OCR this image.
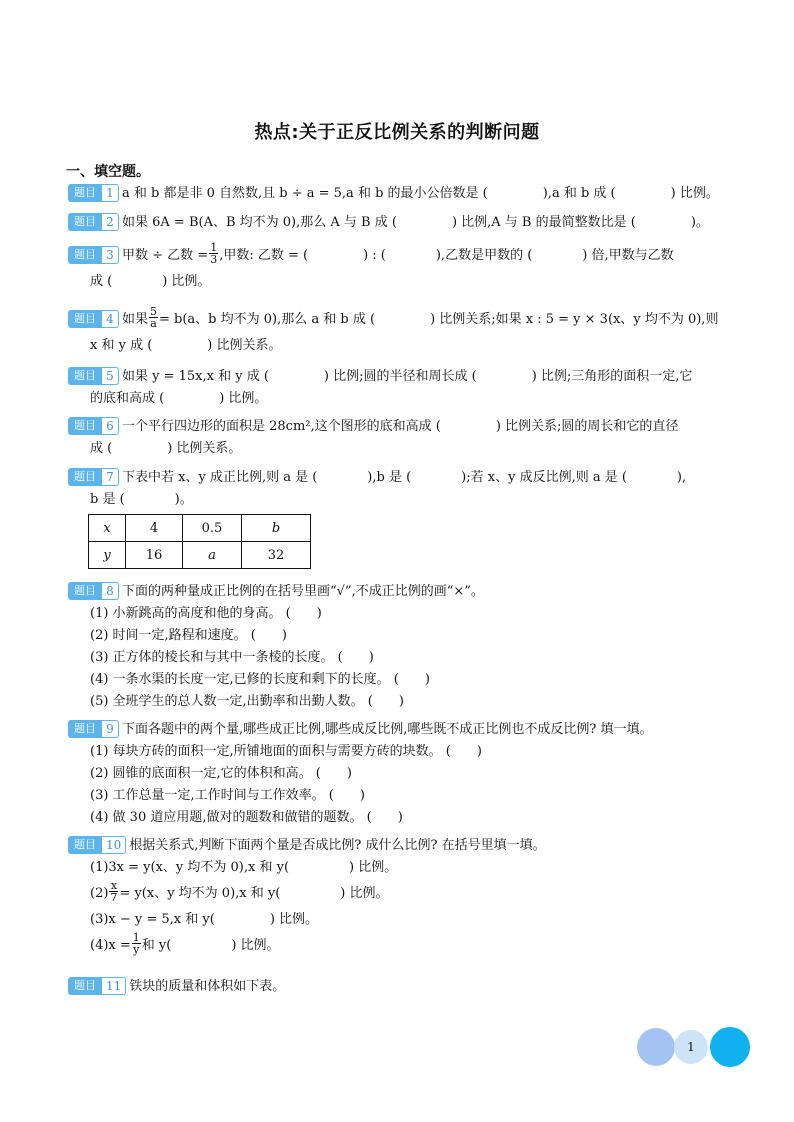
热点:关于正反比例关系的判断问题
一、填空题。
题目 1 a 和 b 都是非 0 自然数,且 b ÷ a = 5,a 和 b 的最小公倍数是 (	),a 和 b 成 (	) 比例。
题目 2 如果 6A = B(A、B 均不为 0),那么 A 与 B 成 (	) 比例,A 与 B 的最简整数比是 (	)。
题目 3 甲数 ÷ 乙数 = $\frac{1}{3}$ ,甲数: 乙数 = (	) : (	),乙数是甲数的 (	) 倍,甲数与乙数
成 (	) 比例。
题目 4 如果 $\frac{5}{a} = b(a$、b 均不为 0),那么 a 和 b 成 (	) 比例关系;如果 x : 5 = y × 3(x、y 均不为 0),则
x 和 y 成 (	) 比例关系。
题目 5 如果 y = 15x,x 和 y 成 (	) 比例;圆的半径和周长成 (	) 比例;三角形的面积一定,它
的底和高成 (	) 比例。
题目 6 一个平行四边形的面积是 28cm²,这个图形的底和高成 (	) 比例关系;圆的周长和它的直径
成 (	) 比例关系。
题目 7 下表中若 x、y 成正比例,则 a 是 (	),b 是 (	);若 x、y 成反比例,则 a 是 (	),
b 是 (	)。
x	4	0.5	b
y	16	a	32
题目 8 下面的两种量成正比例的在括号里画“√”,不成正比例的画“×”。
(1) 小新跳高的高度和他的身高。 ( )
(2) 时间一定,路程和速度。 ( )
(3) 正方体的棱长和与其中一条棱的长度。 ( )
(4) 一条水渠的长度一定,已修的长度和剩下的长度。 ( )
(5) 全班学生的总人数一定,出勤率和出勤人数。 ( )
题目 9 下面各题中的两个量,哪些成正比例,哪些成反比例,哪些既不成正比例也不成反比例? 填一填。
(1) 每块方砖的面积一定,所铺地面的面积与需要方砖的块数。 ( )
(2) 圆锥的底面积一定,它的体积和高。 ( )
(3) 工作总量一定,工作时间与工作效率。 ( )
(4) 做 30 道应用题,做对的题数和做错的题数。 ( )
题目 10 根据关系式,判断下面两个量是否成比例? 成什么比例? 在括号里填一填。
(1)3x = y(x、y 均不为 0),x 和 y(	) 比例。
$(2) \frac{x}{7} = y(x$、y 均不为 0),x 和 y(	) 比例。
(3)x − y = 5,x 和 y(	) 比例。
$(4)x = \frac{1}{y}$ 和 y(	) 比例。
题目 11 铁块的质量和体积如下表。
1
